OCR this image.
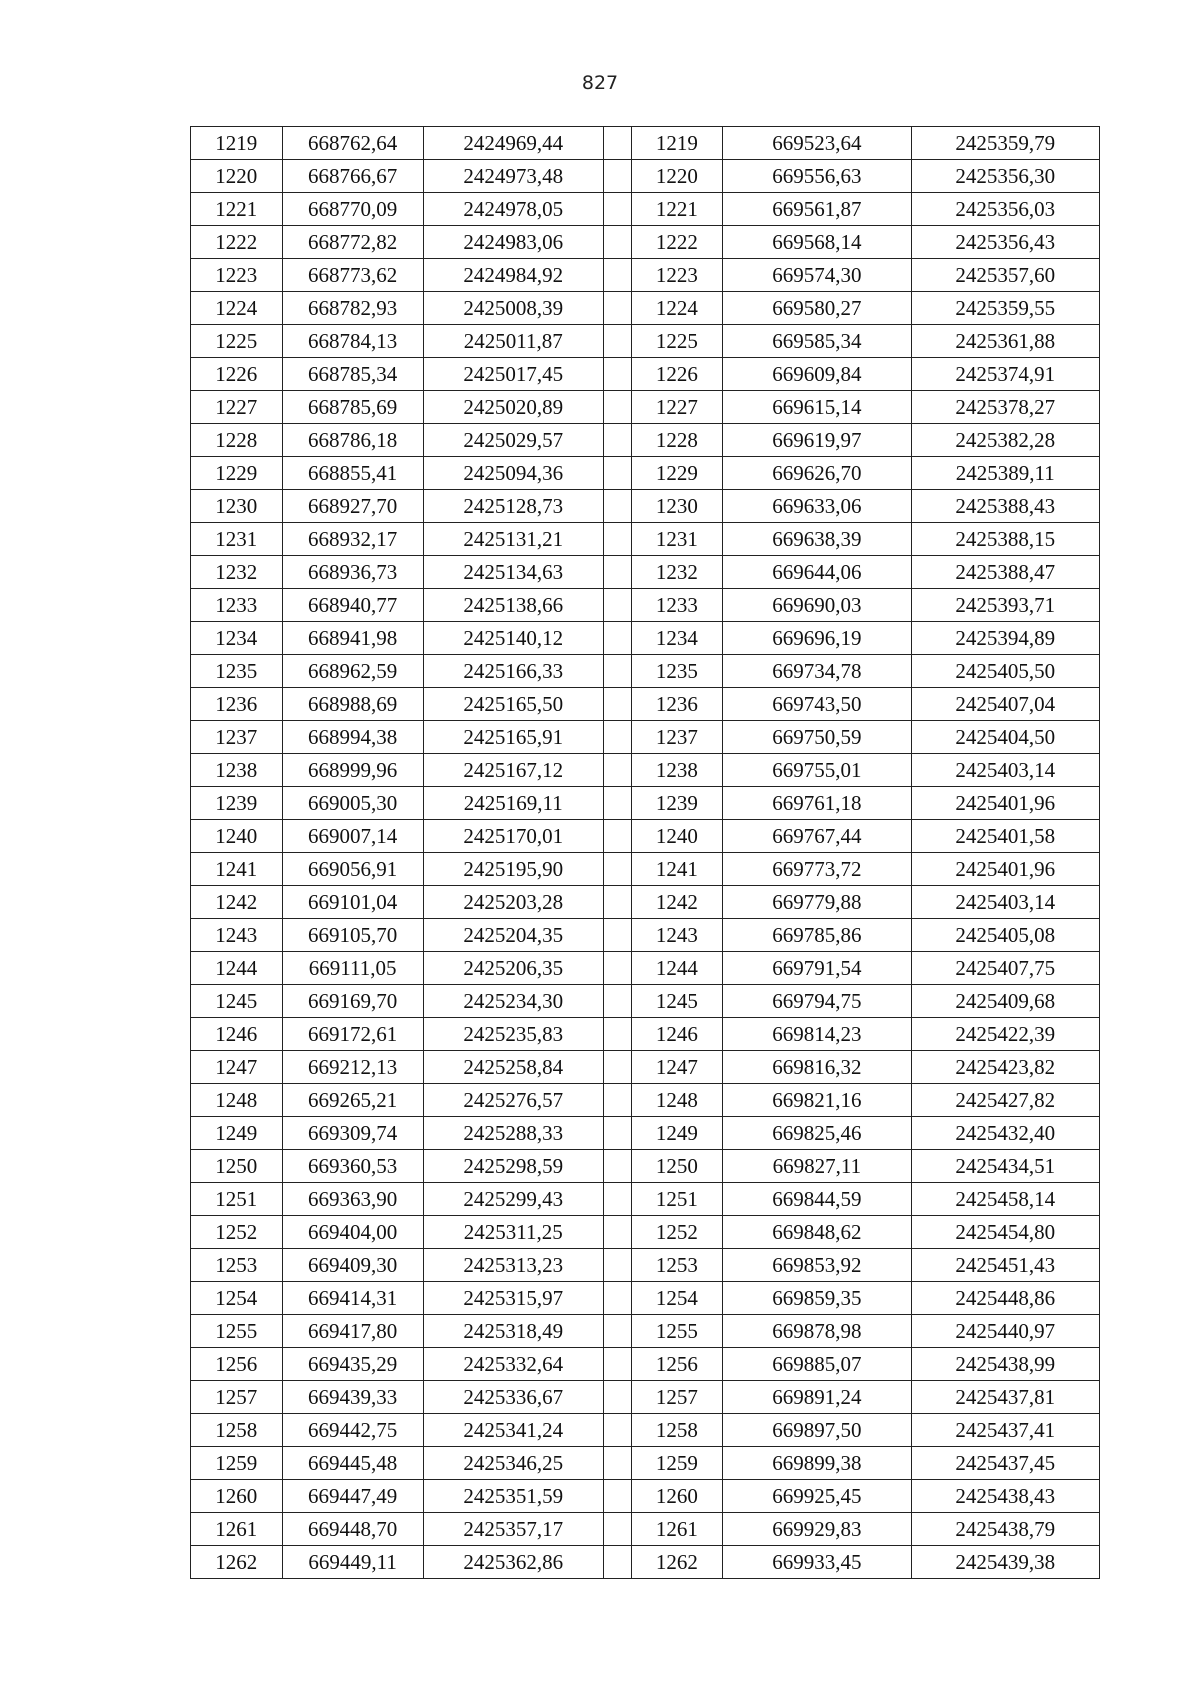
827
1219	668762,64	2424969,44		1219	669523,64	2425359,79
1220	668766,67	2424973,48		1220	669556,63	2425356,30
1221	668770,09	2424978,05		1221	669561,87	2425356,03
1222	668772,82	2424983,06		1222	669568,14	2425356,43
1223	668773,62	2424984,92		1223	669574,30	2425357,60
1224	668782,93	2425008,39		1224	669580,27	2425359,55
1225	668784,13	2425011,87		1225	669585,34	2425361,88
1226	668785,34	2425017,45		1226	669609,84	2425374,91
1227	668785,69	2425020,89		1227	669615,14	2425378,27
1228	668786,18	2425029,57		1228	669619,97	2425382,28
1229	668855,41	2425094,36		1229	669626,70	2425389,11
1230	668927,70	2425128,73		1230	669633,06	2425388,43
1231	668932,17	2425131,21		1231	669638,39	2425388,15
1232	668936,73	2425134,63		1232	669644,06	2425388,47
1233	668940,77	2425138,66		1233	669690,03	2425393,71
1234	668941,98	2425140,12		1234	669696,19	2425394,89
1235	668962,59	2425166,33		1235	669734,78	2425405,50
1236	668988,69	2425165,50		1236	669743,50	2425407,04
1237	668994,38	2425165,91		1237	669750,59	2425404,50
1238	668999,96	2425167,12		1238	669755,01	2425403,14
1239	669005,30	2425169,11		1239	669761,18	2425401,96
1240	669007,14	2425170,01		1240	669767,44	2425401,58
1241	669056,91	2425195,90		1241	669773,72	2425401,96
1242	669101,04	2425203,28		1242	669779,88	2425403,14
1243	669105,70	2425204,35		1243	669785,86	2425405,08
1244	669111,05	2425206,35		1244	669791,54	2425407,75
1245	669169,70	2425234,30		1245	669794,75	2425409,68
1246	669172,61	2425235,83		1246	669814,23	2425422,39
1247	669212,13	2425258,84		1247	669816,32	2425423,82
1248	669265,21	2425276,57		1248	669821,16	2425427,82
1249	669309,74	2425288,33		1249	669825,46	2425432,40
1250	669360,53	2425298,59		1250	669827,11	2425434,51
1251	669363,90	2425299,43		1251	669844,59	2425458,14
1252	669404,00	2425311,25		1252	669848,62	2425454,80
1253	669409,30	2425313,23		1253	669853,92	2425451,43
1254	669414,31	2425315,97		1254	669859,35	2425448,86
1255	669417,80	2425318,49		1255	669878,98	2425440,97
1256	669435,29	2425332,64		1256	669885,07	2425438,99
1257	669439,33	2425336,67		1257	669891,24	2425437,81
1258	669442,75	2425341,24		1258	669897,50	2425437,41
1259	669445,48	2425346,25		1259	669899,38	2425437,45
1260	669447,49	2425351,59		1260	669925,45	2425438,43
1261	669448,70	2425357,17		1261	669929,83	2425438,79
1262	669449,11	2425362,86		1262	669933,45	2425439,38
